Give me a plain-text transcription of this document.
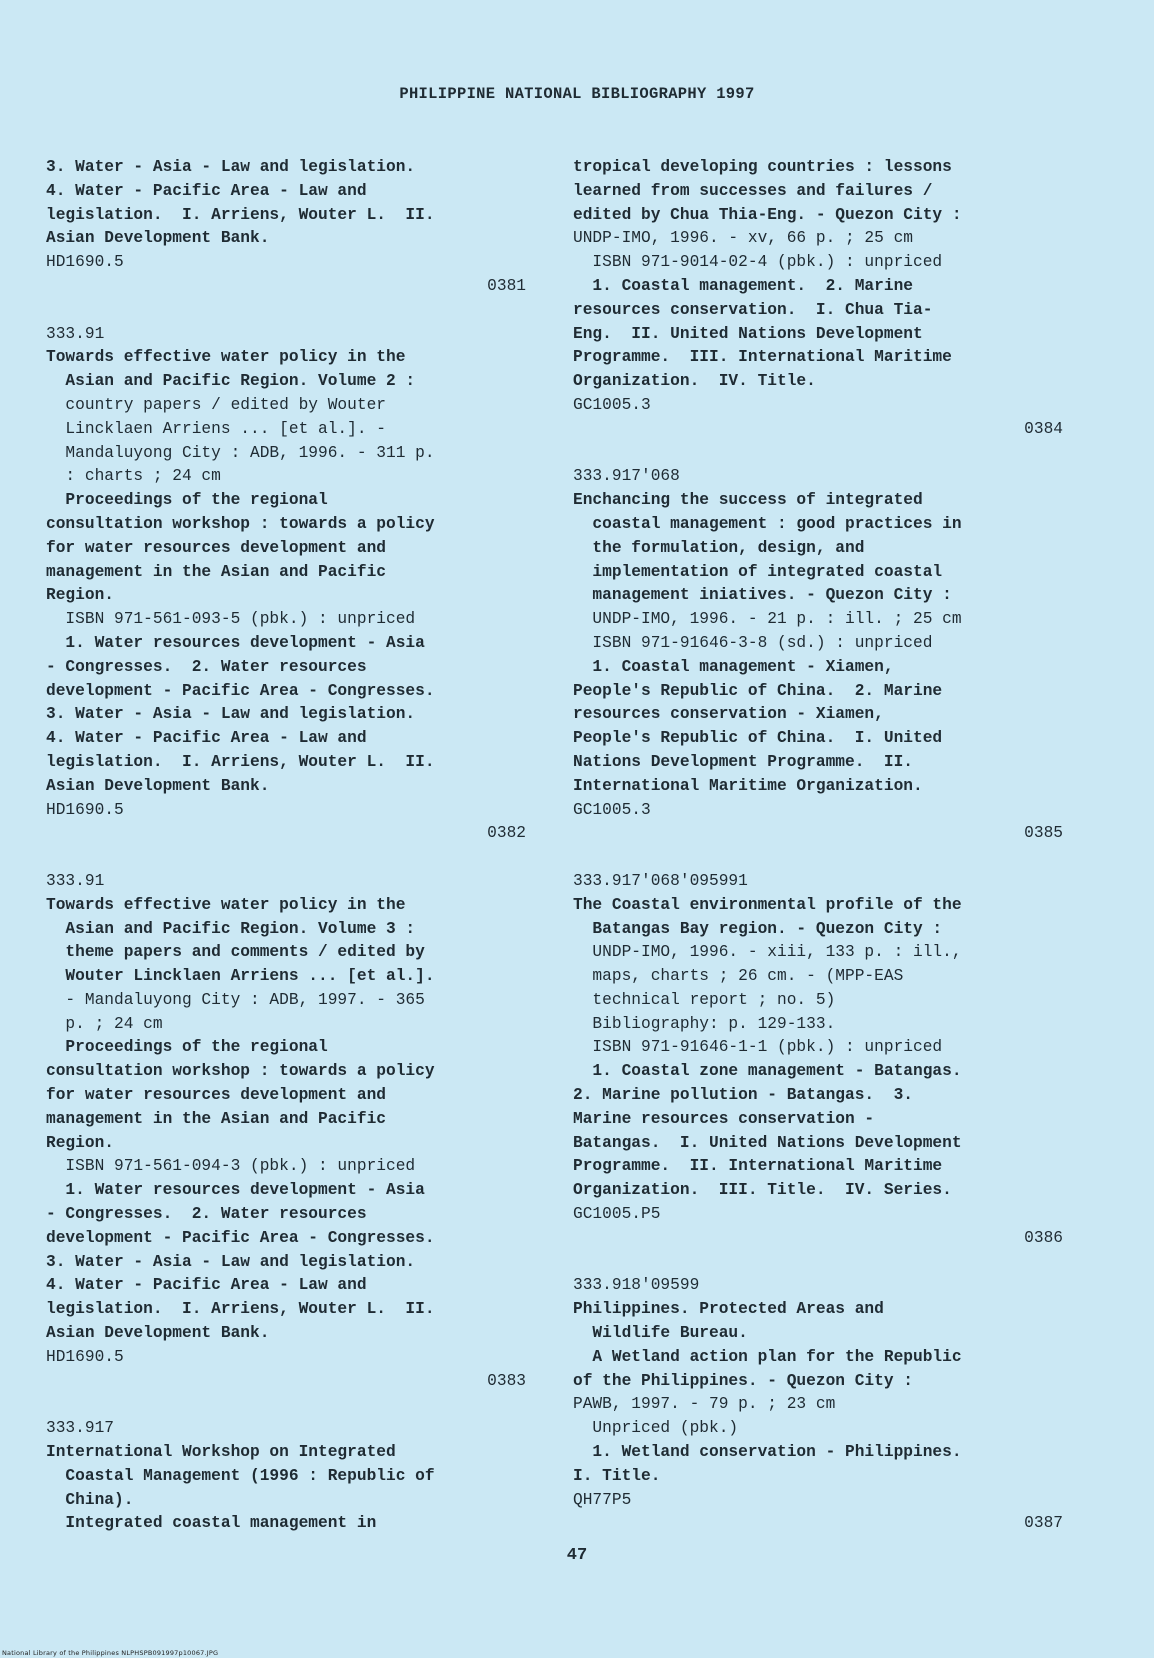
PHILIPPINE NATIONAL BIBLIOGRAPHY 1997
3. Water - Asia - Law and legislation.
4. Water - Pacific Area - Law and
legislation.  I. Arriens, Wouter L.  II.
Asian Development Bank.
HD1690.5
0381
333.91
Towards effective water policy in the
Asian and Pacific Region. Volume 2 :
country papers / edited by Wouter
Lincklaen Arriens ... [et al.]. -
Mandaluyong City : ADB, 1996. - 311 p.
: charts ; 24 cm
Proceedings of the regional
consultation workshop : towards a policy
for water resources development and
management in the Asian and Pacific
Region.
ISBN 971-561-093-5 (pbk.) : unpriced
1. Water resources development - Asia
- Congresses.  2. Water resources
development - Pacific Area - Congresses.
3. Water - Asia - Law and legislation.
4. Water - Pacific Area - Law and
legislation.  I. Arriens, Wouter L.  II.
Asian Development Bank.
HD1690.5
0382
333.91
Towards effective water policy in the
Asian and Pacific Region. Volume 3 :
theme papers and comments / edited by
Wouter Lincklaen Arriens ... [et al.].
- Mandaluyong City : ADB, 1997. - 365
p. ; 24 cm
Proceedings of the regional
consultation workshop : towards a policy
for water resources development and
management in the Asian and Pacific
Region.
ISBN 971-561-094-3 (pbk.) : unpriced
1. Water resources development - Asia
- Congresses.  2. Water resources
development - Pacific Area - Congresses.
3. Water - Asia - Law and legislation.
4. Water - Pacific Area - Law and
legislation.  I. Arriens, Wouter L.  II.
Asian Development Bank.
HD1690.5
0383
333.917
International Workshop on Integrated
Coastal Management (1996 : Republic of
China).
Integrated coastal management in
tropical developing countries : lessons
learned from successes and failures /
edited by Chua Thia-Eng. - Quezon City :
UNDP-IMO, 1996. - xv, 66 p. ; 25 cm
ISBN 971-9014-02-4 (pbk.) : unpriced
1. Coastal management.  2. Marine
resources conservation.  I. Chua Tia-
Eng.  II. United Nations Development
Programme.  III. International Maritime
Organization.  IV. Title.
GC1005.3
0384
333.917'068
Enchancing the success of integrated
coastal management : good practices in
the formulation, design, and
implementation of integrated coastal
management iniatives. - Quezon City :
UNDP-IMO, 1996. - 21 p. : ill. ; 25 cm
ISBN 971-91646-3-8 (sd.) : unpriced
1. Coastal management - Xiamen,
People's Republic of China.  2. Marine
resources conservation - Xiamen,
People's Republic of China.  I. United
Nations Development Programme.  II.
International Maritime Organization.
GC1005.3
0385
333.917'068'095991
The Coastal environmental profile of the
Batangas Bay region. - Quezon City :
UNDP-IMO, 1996. - xiii, 133 p. : ill.,
maps, charts ; 26 cm. - (MPP-EAS
technical report ; no. 5)
Bibliography: p. 129-133.
ISBN 971-91646-1-1 (pbk.) : unpriced
1. Coastal zone management - Batangas.
2. Marine pollution - Batangas.  3.
Marine resources conservation -
Batangas.  I. United Nations Development
Programme.  II. International Maritime
Organization.  III. Title.  IV. Series.
GC1005.P5
0386
333.918'09599
Philippines. Protected Areas and
Wildlife Bureau.
A Wetland action plan for the Republic
of the Philippines. - Quezon City :
PAWB, 1997. - 79 p. ; 23 cm
Unpriced (pbk.)
1. Wetland conservation - Philippines.
I. Title.
QH77P5
0387
47
National Library of the Philippines NLPHSPB091997p10067.JPG
